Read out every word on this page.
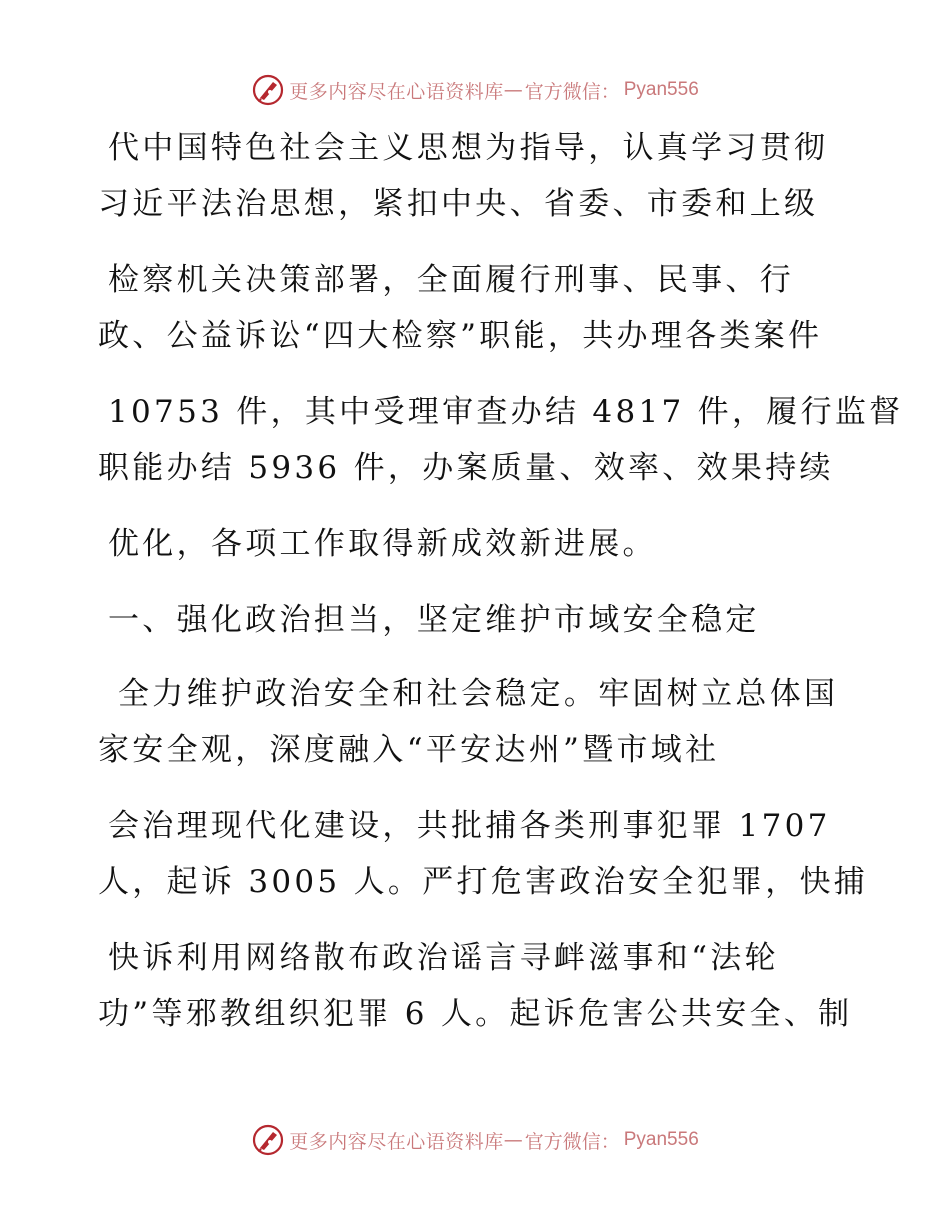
更多内容尽在心语资料库 — 官方微信： Pyan556
代中国特色社会主义思想为指导，认真学习贯彻
习近平法治思想，紧扣中央、省委、市委和上级
检察机关决策部署，全面履行刑事、民事、行
政、公益诉讼“四大检察”职能，共办理各类案件
10753 件，其中受理审查办结 4817 件，履行监督
职能办结 5936 件，办案质量、效率、效果持续
优化，各项工作取得新成效新进展。
一、强化政治担当，坚定维护市域安全稳定
全力维护政治安全和社会稳定。牢固树立总体国
家安全观，深度融入“平安达州”暨市域社
会治理现代化建设，共批捕各类刑事犯罪 1707
人，起诉 3005 人。严打危害政治安全犯罪，快捕
快诉利用网络散布政治谣言寻衅滋事和“法轮
功”等邪教组织犯罪 6 人。起诉危害公共安全、制
更多内容尽在心语资料库 — 官方微信： Pyan556
